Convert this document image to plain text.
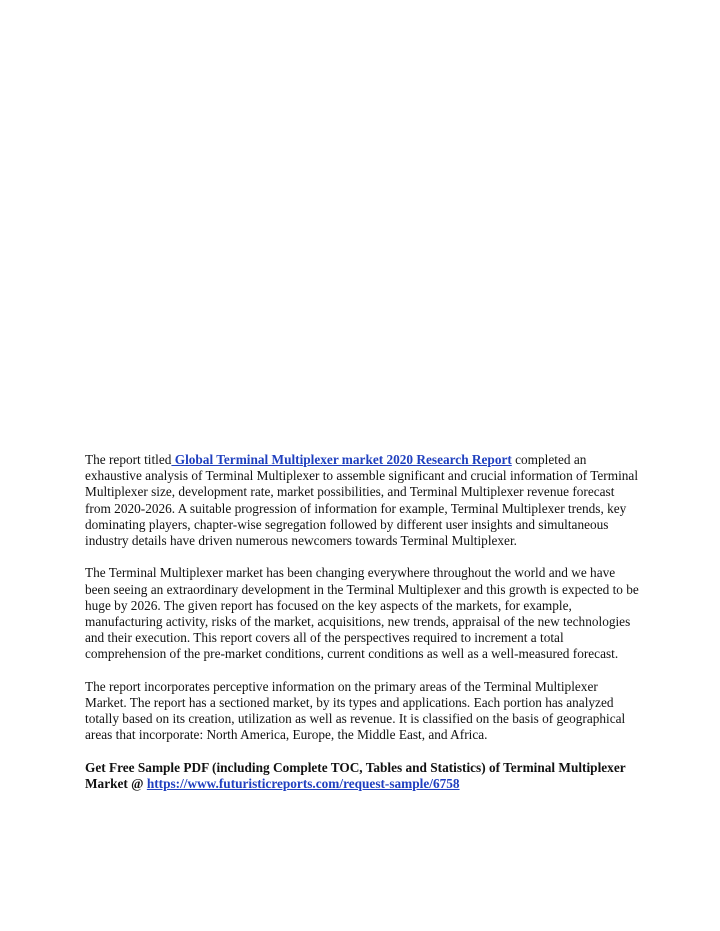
The report titled Global Terminal Multiplexer market 2020 Research Report completed an exhaustive analysis of Terminal Multiplexer to assemble significant and crucial information of Terminal Multiplexer size, development rate, market possibilities, and Terminal Multiplexer revenue forecast from 2020-2026. A suitable progression of information for example, Terminal Multiplexer trends, key dominating players, chapter-wise segregation followed by different user insights and simultaneous industry details have driven numerous newcomers towards Terminal Multiplexer.

The Terminal Multiplexer market has been changing everywhere throughout the world and we have been seeing an extraordinary development in the Terminal Multiplexer and this growth is expected to be huge by 2026. The given report has focused on the key aspects of the markets, for example, manufacturing activity, risks of the market, acquisitions, new trends, appraisal of the new technologies and their execution. This report covers all of the perspectives required to increment a total comprehension of the pre-market conditions, current conditions as well as a well-measured forecast.

The report incorporates perceptive information on the primary areas of the Terminal Multiplexer Market. The report has a sectioned market, by its types and applications. Each portion has analyzed totally based on its creation, utilization as well as revenue. It is classified on the basis of geographical areas that incorporate: North America, Europe, the Middle East, and Africa.

Get Free Sample PDF (including Complete TOC, Tables and Statistics) of Terminal Multiplexer Market @ https://www.futuristicreports.com/request-sample/6758
